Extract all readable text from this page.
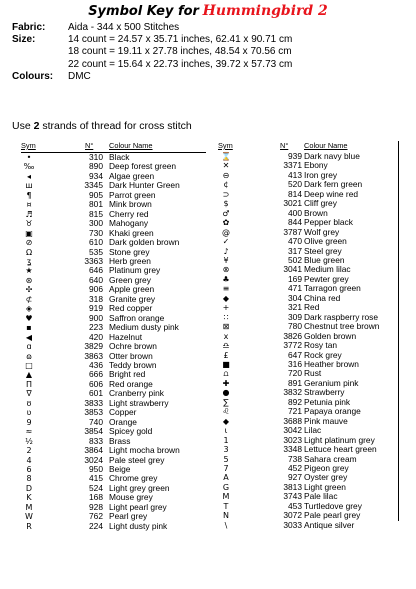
Symbol Key for Hummingbird 2
Fabric: Aida - 344 x 500 Stitches
Size:	14 count = 24.57 x 35.71 inches, 62.41 x 90.71 cm
18 count = 19.11 x 27.78 inches, 48.54 x 70.56 cm
22 count = 15.64 x 22.73 inches, 39.72 x 57.73 cm
Colours: DMC
Use 2 strands of thread for cross stitch
Sym	N° Colour Name
•	310 Black
‰	890 Deep forest green
◂	934 Algae green
ш	3345 Dark Hunter Green
¶	905 Parrot green
¤	801 Mink brown
♬	815 Cherry red
♉	300 Mahogany
▣	730 Khaki green
⊘	610 Dark golden brown
Ω	535 Stone grey
ʓ	3363 Herb green
★	646 Platinum grey
⊛	640 Green grey
✣	906 Apple green
⊄	318 Granite grey
◈	919 Red copper
♥	900 Saffron orange
▪	223 Medium dusty pink
◀	420 Hazelnut
ɑ	3829 Ochre brown
ɷ	3863 Otter brown
□	436 Teddy brown
▲	666 Bright red
Π	606 Red orange
∇	601 Cranberry pink
ʊ	3833 Light strawberry
ʋ	3853 Copper
9	740 Orange
≈	3854 Spicey gold
½	833 Brass
2	3864 Light mocha brown
4	3024 Pale steel grey
6	950 Beige
8	415 Chrome grey
D	524 Light grey green
K	168 Mouse grey
M	928 Light pearl grey
W	762 Pearl grey
R	224 Light dusty pink
Sym	N° Colour Name
⌛	939 Dark navy blue
✕	3371 Ebony
⊖	413 Iron grey
¢	520 Dark fern green
⊃	814 Deep wine red
$	3021 Cliff grey
♂	400 Brown
✿	844 Pepper black
@	3787 Wolf grey
✓	470 Olive green
♪	317 Steel grey
¥	502 Blue green
⊗	3041 Medium lilac
♣	169 Pewter grey
≡	471 Tarragon green
◆	304 China red
+	321 Red
∷	309 Dark raspberry rose
⊠	780 Chestnut tree brown
x	3826 Golden brown
♎	3772 Rosy tan
£	647 Rock grey
■	316 Heather brown
⩍	720 Rust
✚	891 Geranium pink
●	3832 Strawberry
∑	892 Petunia pink
♌	721 Papaya orange
◆	3688 Pink mauve
ɩ	3042 Lilac
1	3023 Light platinum grey
3	3348 Lettuce heart green
5	738 Sahara cream
7	452 Pigeon grey
A	927 Oyster grey
G	3813 Light green
M	3743 Pale lilac
T	453 Turtledove grey
N	3072 Pale pearl grey
\	3033 Antique silver
